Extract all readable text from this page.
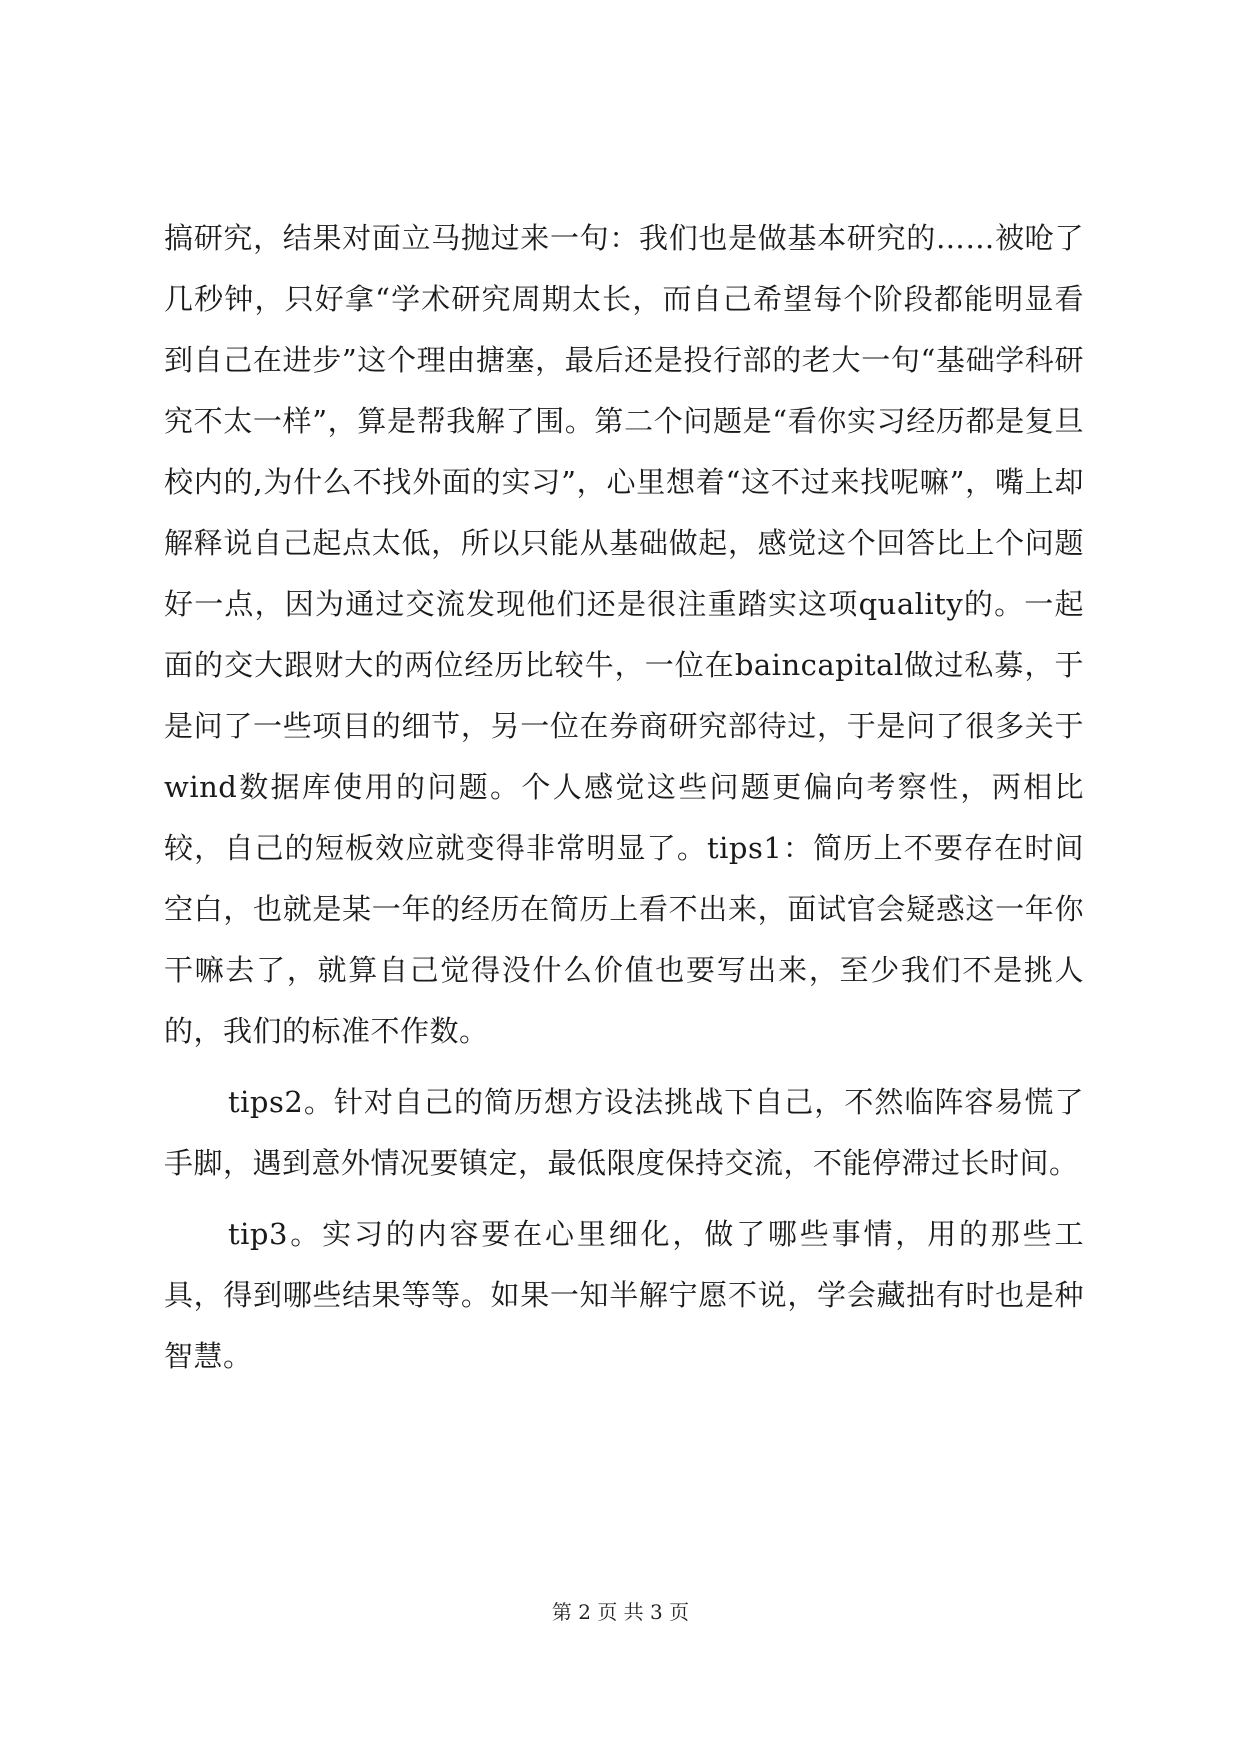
搞研究，结果对面立马抛过来一句：我们也是做基本研究的……被呛了几秒钟，只好拿“学术研究周期太长，而自己希望每个阶段都能明显看到自己在进步”这个理由搪塞，最后还是投行部的老大一句“基础学科研究不太一样”，算是帮我解了围。第二个问题是“看你实习经历都是复旦校内的,为什么不找外面的实习”，心里想着“这不过来找呢嘛”，嘴上却解释说自己起点太低，所以只能从基础做起，感觉这个回答比上个问题好一点，因为通过交流发现他们还是很注重踏实这项quality的。一起面的交大跟财大的两位经历比较牛，一位在baincapital做过私募，于是问了一些项目的细节，另一位在券商研究部待过，于是问了很多关于wind数据库使用的问题。个人感觉这些问题更偏向考察性，两相比较，自己的短板效应就变得非常明显了。tips1：简历上不要存在时间空白，也就是某一年的经历在简历上看不出来，面试官会疑惑这一年你干嘛去了，就算自己觉得没什么价值也要写出来，至少我们不是挑人的，我们的标准不作数。

tips2。针对自己的简历想方设法挑战下自己，不然临阵容易慌了手脚，遇到意外情况要镇定，最低限度保持交流，不能停滞过长时间。

tip3。实习的内容要在心里细化，做了哪些事情，用的那些工具，得到哪些结果等等。如果一知半解宁愿不说，学会藏拙有时也是种智慧。

第 2 页 共 3 页
